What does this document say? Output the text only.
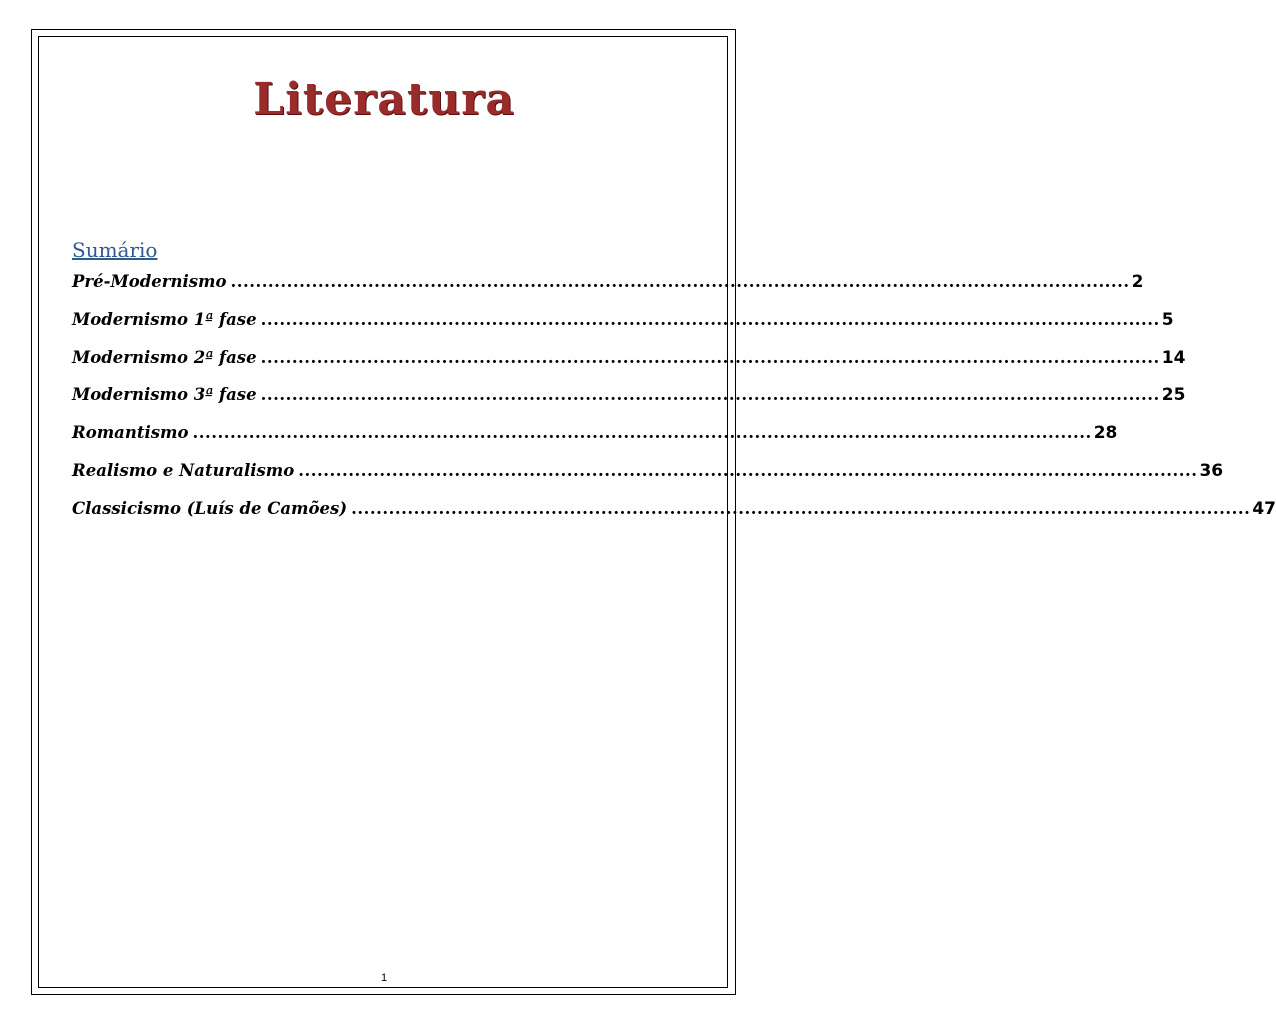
Literatura
Sumário
Pré-Modernismo ................................................................................................................................................ 2
Modernismo 1ª fase ................................................................................................................................................ 5
Modernismo 2ª fase ................................................................................................................................................ 14
Modernismo 3ª fase ................................................................................................................................................ 25
Romantismo ................................................................................................................................................ 28
Realismo e Naturalismo ................................................................................................................................................ 36
Classicismo (Luís de Camões) ................................................................................................................................................ 47
1
